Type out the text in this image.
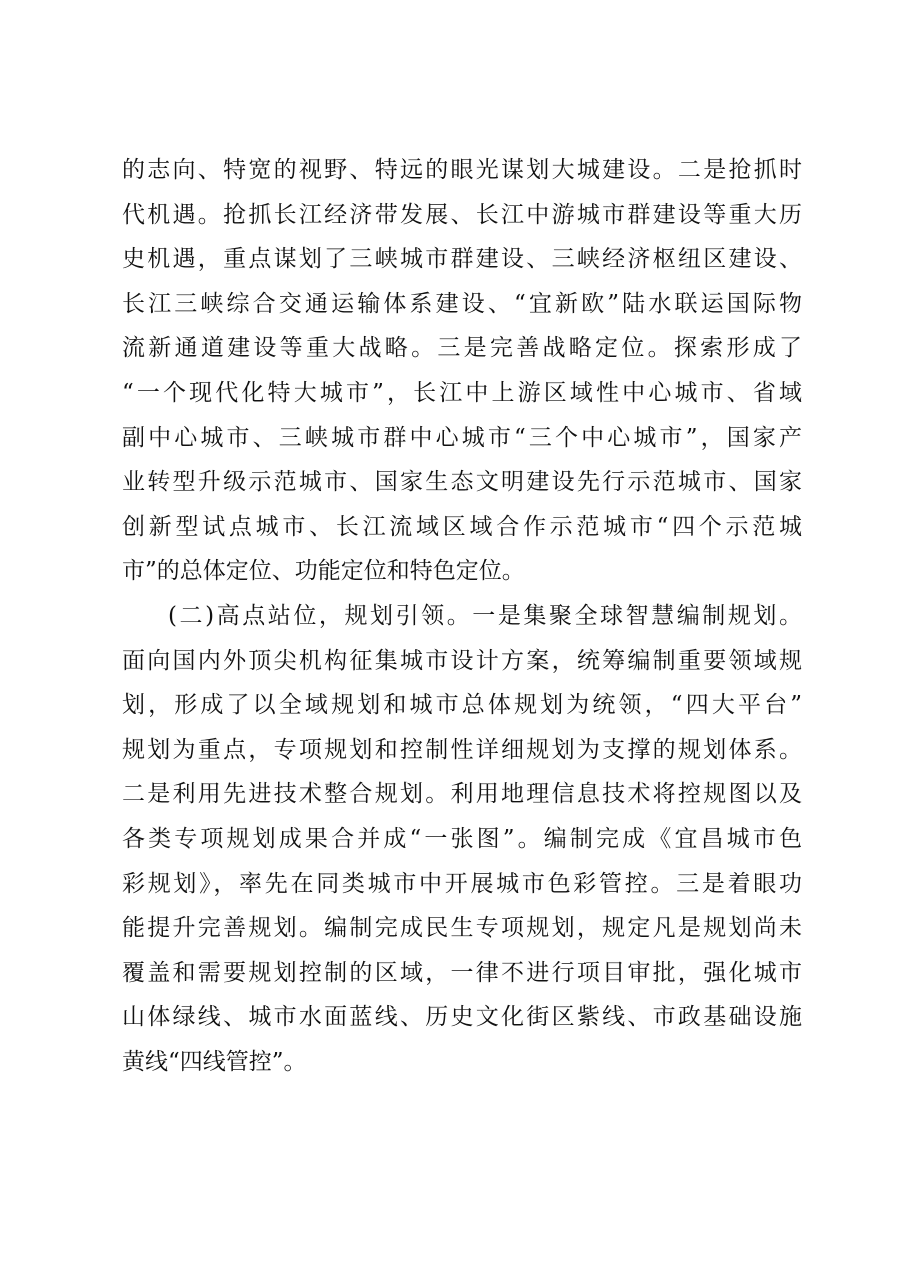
的志向、特宽的视野、特远的眼光谋划大城建设。二是抢抓时
代机遇。抢抓长江经济带发展、长江中游城市群建设等重大历
史机遇，重点谋划了三峡城市群建设、三峡经济枢纽区建设、
长江三峡综合交通运输体系建设、“宜新欧”陆水联运国际物
流新通道建设等重大战略。三是完善战略定位。探索形成了
“一个现代化特大城市”，长江中上游区域性中心城市、省域
副中心城市、三峡城市群中心城市“三个中心城市”，国家产
业转型升级示范城市、国家生态文明建设先行示范城市、国家
创新型试点城市、长江流域区域合作示范城市“四个示范城
市”的总体定位、功能定位和特色定位。
(二)高点站位，规划引领。一是集聚全球智慧编制规划。
面向国内外顶尖机构征集城市设计方案，统筹编制重要领域规
划，形成了以全域规划和城市总体规划为统领，“四大平台”
规划为重点，专项规划和控制性详细规划为支撑的规划体系。
二是利用先进技术整合规划。利用地理信息技术将控规图以及
各类专项规划成果合并成“一张图”。编制完成《宜昌城市色
彩规划》，率先在同类城市中开展城市色彩管控。三是着眼功
能提升完善规划。编制完成民生专项规划，规定凡是规划尚未
覆盖和需要规划控制的区域，一律不进行项目审批，强化城市
山体绿线、城市水面蓝线、历史文化街区紫线、市政基础设施
黄线“四线管控”。
